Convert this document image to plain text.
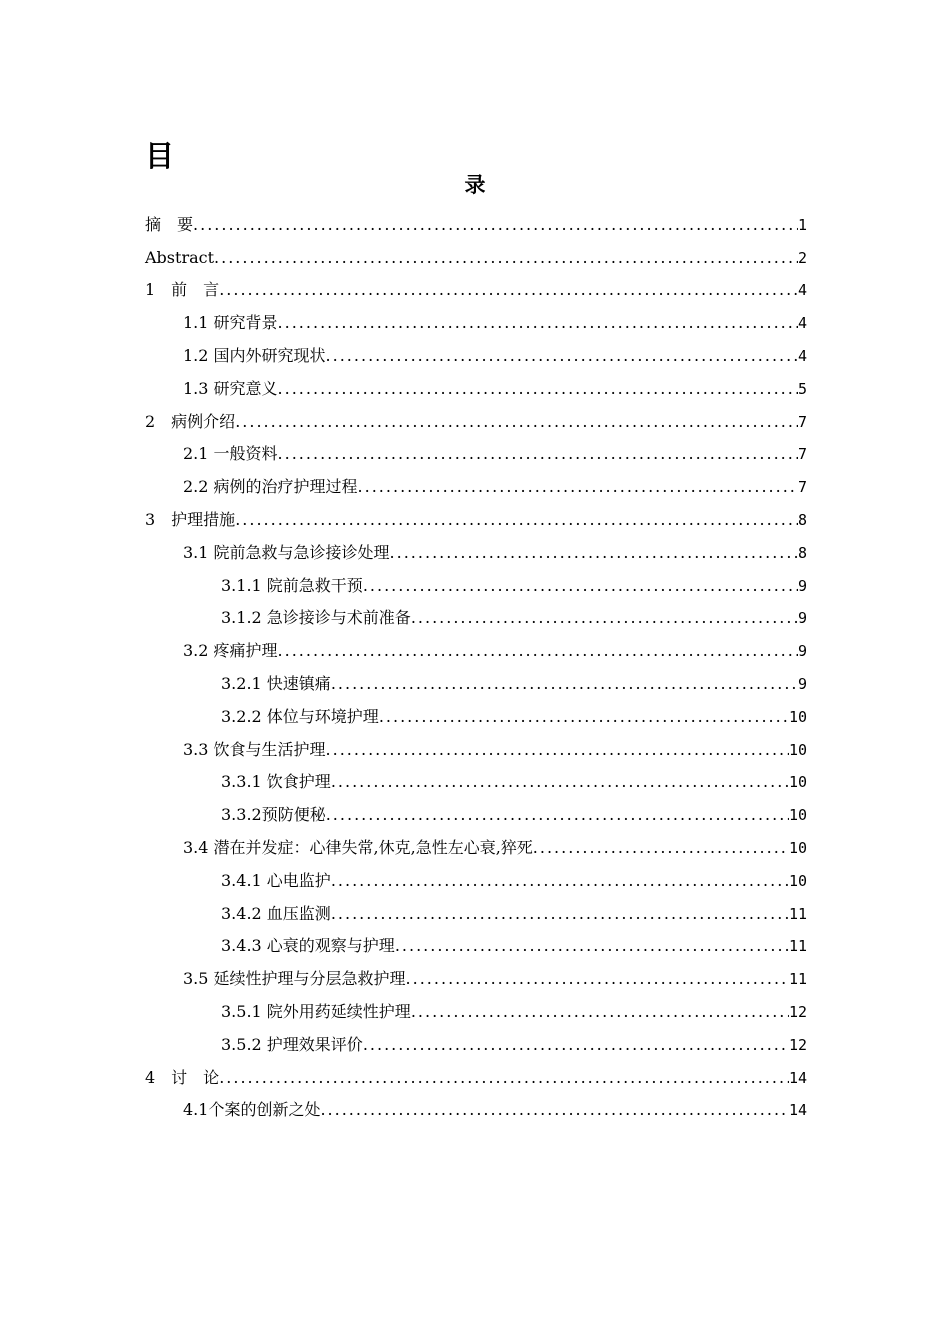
目
录
摘　要 .....	1
Abstract .....	2
1　前　言 .....	4
1.1 研究背景 .....	4
1.2 国内外研究现状 .....	4
1.3 研究意义 .....	5
2　病例介绍 .....	7
2.1 一般资料 .....	7
2.2 病例的治疗护理过程 .....	7
3　护理措施 .....	8
3.1 院前急救与急诊接诊处理 .....	8
3.1.1 院前急救干预 .....	9
3.1.2 急诊接诊与术前准备 .....	9
3.2 疼痛护理 .....	9
3.2.1 快速镇痛 .....	9
3.2.2 体位与环境护理 .....	10
3.3 饮食与生活护理 .....	10
3.3.1 饮食护理 .....	10
3.3.2预防便秘 .....	10
3.4 潜在并发症：心律失常,休克,急性左心衰,猝死 .....	10
3.4.1 心电监护 .....	10
3.4.2 血压监测 .....	11
3.4.3 心衰的观察与护理 .....	11
3.5 延续性护理与分层急救护理 .....	11
3.5.1 院外用药延续性护理 .....	12
3.5.2 护理效果评价 .....	12
4　讨　论 .....	14
4.1个案的创新之处 .....	14
